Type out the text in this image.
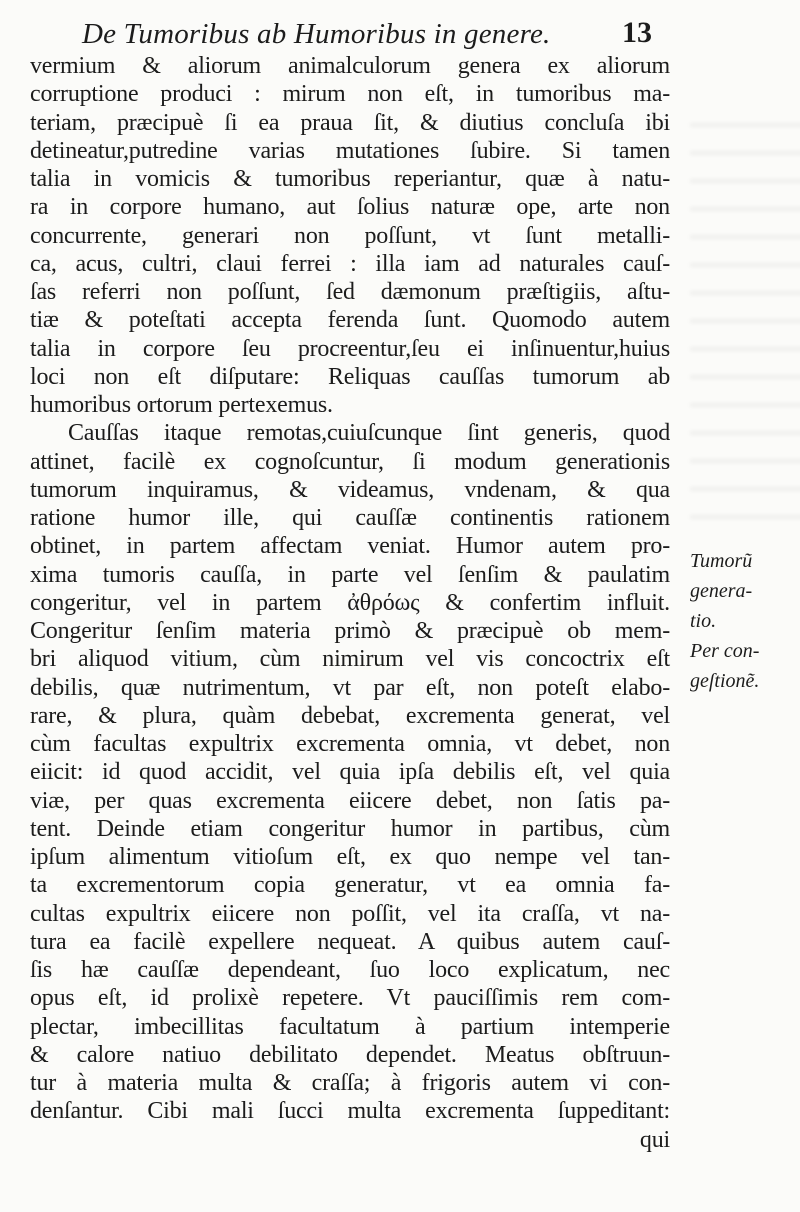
De Tumoribus ab Humoribus in genere. 13
vermium & aliorum animalculorum genera ex aliorum
corruptione produci : mirum non eſt, in tumoribus ma-
teriam, præcipuè ſi ea praua ſit, & diutius concluſa ibi
detineatur,putredine varias mutationes ſubire. Si tamen
talia in vomicis & tumoribus reperiantur, quæ à natu-
ra in corpore humano, aut ſolius naturæ ope, arte non
concurrente, generari non poſſunt, vt ſunt metalli-
ca, acus, cultri, claui ferrei : illa iam ad naturales cauſ-
ſas referri non poſſunt, ſed dæmonum præſtigiis, aſtu-
tiæ & poteſtati accepta ferenda ſunt. Quomodo autem
talia in corpore ſeu procreentur,ſeu ei inſinuentur,huius
loci non eſt diſputare: Reliquas cauſſas tumorum ab
humoribus ortorum pertexemus.
Cauſſas itaque remotas,cuiuſcunque ſint generis, quod
attinet, facilè ex cognoſcuntur, ſi modum generationis
tumorum inquiramus, & videamus, vndenam, & qua
ratione humor ille, qui cauſſæ continentis rationem
obtinet, in partem affectam veniat. Humor autem pro-
xima tumoris cauſſa, in parte vel ſenſim & paulatim
congeritur, vel in partem ἀθρόως & confertim influit.
Congeritur ſenſim materia primò & præcipuè ob mem-
bri aliquod vitium, cùm nimirum vel vis concoctrix eſt
debilis, quæ nutrimentum, vt par eſt, non poteſt elabo-
rare, & plura, quàm debebat, excrementa generat, vel
cùm facultas expultrix excrementa omnia, vt debet, non
eiicit: id quod accidit, vel quia ipſa debilis eſt, vel quia
viæ, per quas excrementa eiicere debet, non ſatis pa-
tent. Deinde etiam congeritur humor in partibus, cùm
ipſum alimentum vitioſum eſt, ex quo nempe vel tan-
ta excrementorum copia generatur, vt ea omnia fa-
cultas expultrix eiicere non poſſit, vel ita craſſa, vt na-
tura ea facilè expellere nequeat. A quibus autem cauſ-
ſis hæ cauſſæ dependeant, ſuo loco explicatum, nec
opus eſt, id prolixè repetere. Vt pauciſſimis rem com-
plectar, imbecillitas facultatum à partium intemperie
& calore natiuo debilitato dependet. Meatus obſtruun-
tur à materia multa & craſſa; à frigoris autem vi con-
denſantur. Cibi mali ſucci multa excrementa ſuppeditant:
qui
Tumorũ
genera-
tio.
Per con-
geſtionẽ.
